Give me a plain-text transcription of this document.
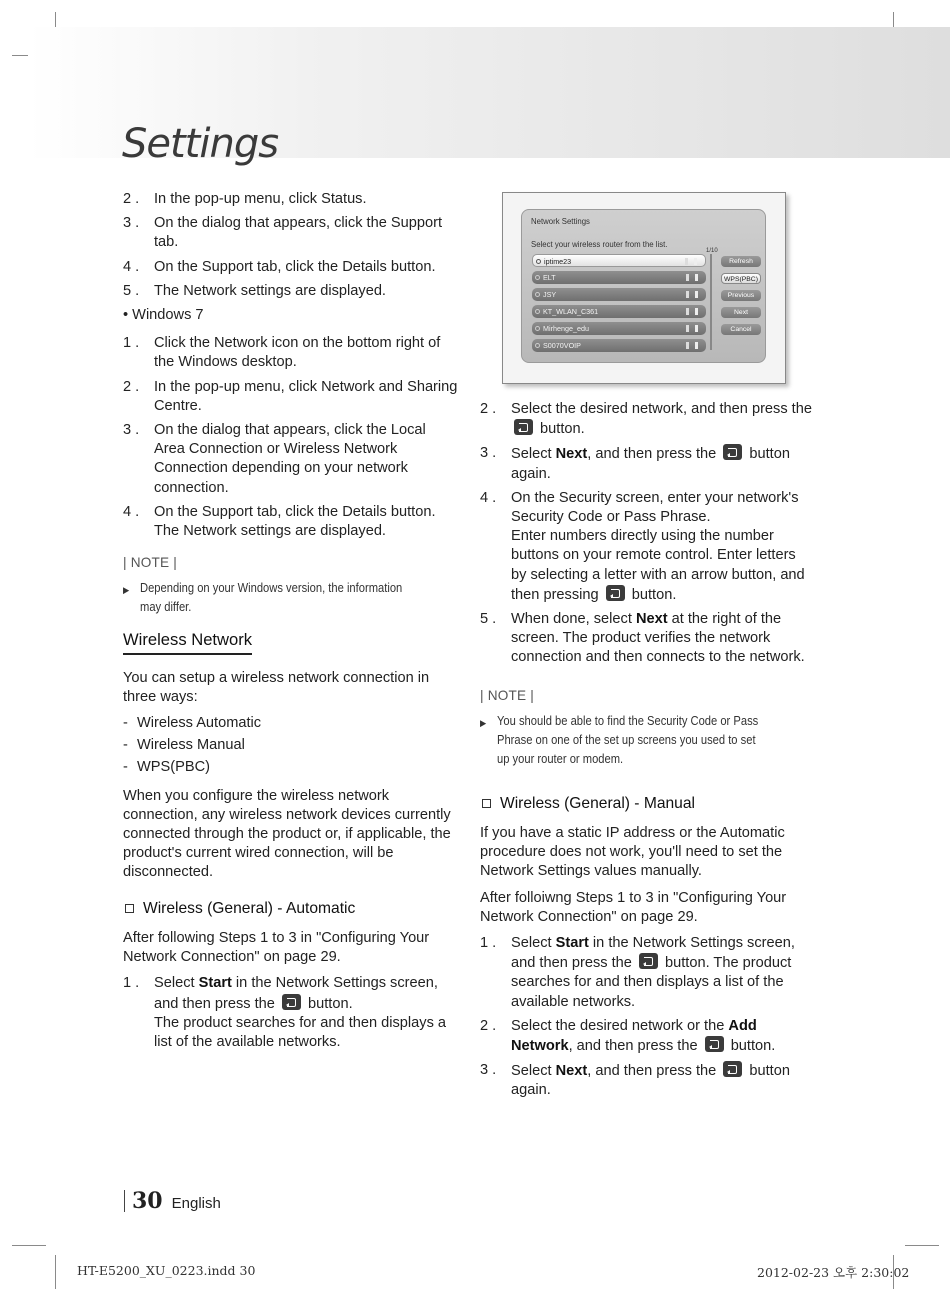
Settings
2 .	In the pop-up menu, click Status.
3 .	On the dialog that appears, click the Support tab.
4 .	On the Support tab, click the Details button.
5 .	The Network settings are displayed.
• Windows 7
1 .	Click the Network icon on the bottom right of the Windows desktop.
2 .	In the pop-up menu, click Network and Sharing Centre.
3 .	On the dialog that appears, click the Local Area Connection or Wireless Network Connection depending on your network connection.
4 .	On the Support tab, click the Details button. The Network settings are displayed.
| NOTE |
▶ Depending on your Windows version, the information may differ.
Wireless Network
You can setup a wireless network connection in three ways:
- Wireless Automatic
- Wireless Manual
- WPS(PBC)
When you configure the wireless network connection, any wireless network devices currently connected through the product or, if applicable, the product's current wired connection, will be disconnected.
Wireless (General) - Automatic
After following Steps 1 to 3 in "Configuring Your Network Connection" on page 29.
1 .	Select Start in the Network Settings screen, and then press the  button.
The product searches for and then displays a list of the available networks.
Network Settings
Select your wireless router from the list.
1/10
iptime23
ELT
JSY
KT_WLAN_C361
Mirhenge_edu
S0070VOIP
Refresh
WPS(PBC)
Previous
Next
Cancel
2 .	Select the desired network, and then press the  button.
3 .	Select Next, and then press the  button again.
4 .	On the Security screen, enter your network's Security Code or Pass Phrase.
Enter numbers directly using the number buttons on your remote control. Enter letters by selecting a letter with an arrow button, and then pressing  button.
5 .	When done, select Next at the right of the screen. The product verifies the network connection and then connects to the network.
| NOTE |
▶ You should be able to find the Security Code or Pass Phrase on one of the set up screens you used to set up your router or modem.
Wireless (General) - Manual
If you have a static IP address or the Automatic procedure does not work, you'll need to set the Network Settings values manually.
After folloiwng Steps 1 to 3 in "Configuring Your Network Connection" on page 29.
1 .	Select Start in the Network Settings screen, and then press the  button. The product searches for and then displays a list of the available networks.
2 .	Select the desired network or the Add Network, and then press the  button.
3 .	Select Next, and then press the  button again.
30 English
HT-E5200_XU_0223.indd 30	2012-02-23 오후 2:30:02
